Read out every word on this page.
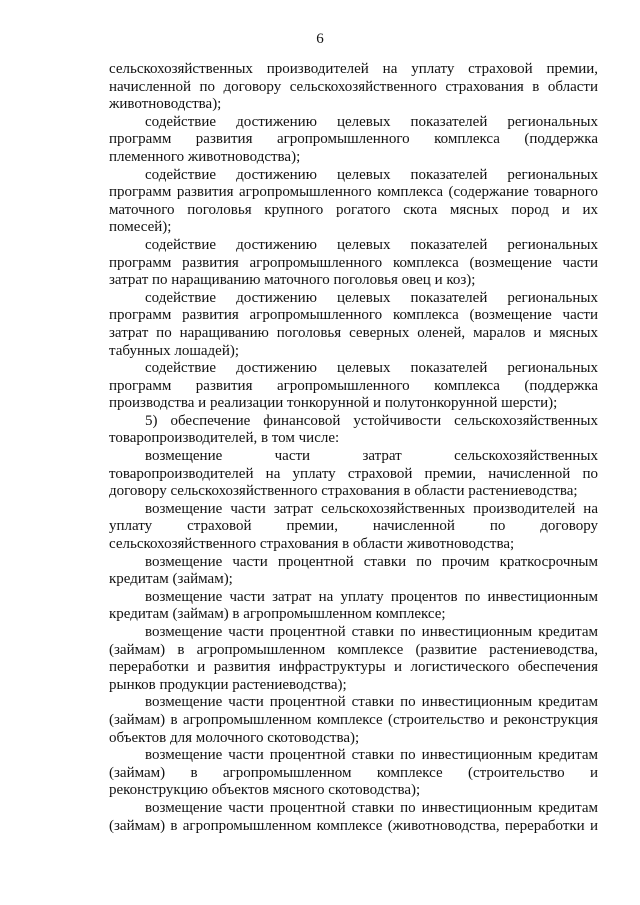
6
сельскохозяйственных производителей на уплату страховой премии,
начисленной по договору сельскохозяйственного страхования в области
животноводства);
содействие достижению целевых показателей региональных
программ развития агропромышленного комплекса (поддержка
племенного животноводства);
содействие достижению целевых показателей региональных
программ развития агропромышленного комплекса (содержание товарного
маточного поголовья крупного рогатого скота мясных пород и их
помесей);
содействие достижению целевых показателей региональных
программ развития агропромышленного комплекса (возмещение части
затрат по наращиванию маточного поголовья овец и коз);
содействие достижению целевых показателей региональных
программ развития агропромышленного комплекса (возмещение части
затрат по наращиванию поголовья северных оленей, маралов и мясных
табунных лошадей);
содействие достижению целевых показателей региональных
программ развития агропромышленного комплекса (поддержка
производства и реализации тонкорунной и полутонкорунной шерсти);
5) обеспечение финансовой устойчивости сельскохозяйственных
товаропроизводителей, в том числе:
возмещение части затрат сельскохозяйственных
товаропроизводителей на уплату страховой премии, начисленной по
договору сельскохозяйственного страхования в области растениеводства;
возмещение части затрат сельскохозяйственных производителей на
уплату страховой премии, начисленной по договору
сельскохозяйственного страхования в области животноводства;
возмещение части процентной ставки по прочим краткосрочным
кредитам (займам);
возмещение части затрат на уплату процентов по инвестиционным
кредитам (займам) в агропромышленном комплексе;
возмещение части процентной ставки по инвестиционным кредитам
(займам) в агропромышленном комплексе (развитие растениеводства,
переработки и развития инфраструктуры и логистического обеспечения
рынков продукции растениеводства);
возмещение части процентной ставки по инвестиционным кредитам
(займам) в агропромышленном комплексе (строительство и реконструкция
объектов для молочного скотоводства);
возмещение части процентной ставки по инвестиционным кредитам
(займам) в агропромышленном комплексе (строительство и
реконструкцию объектов мясного скотоводства);
возмещение части процентной ставки по инвестиционным кредитам
(займам) в агропромышленном комплексе (животноводства, переработки и
